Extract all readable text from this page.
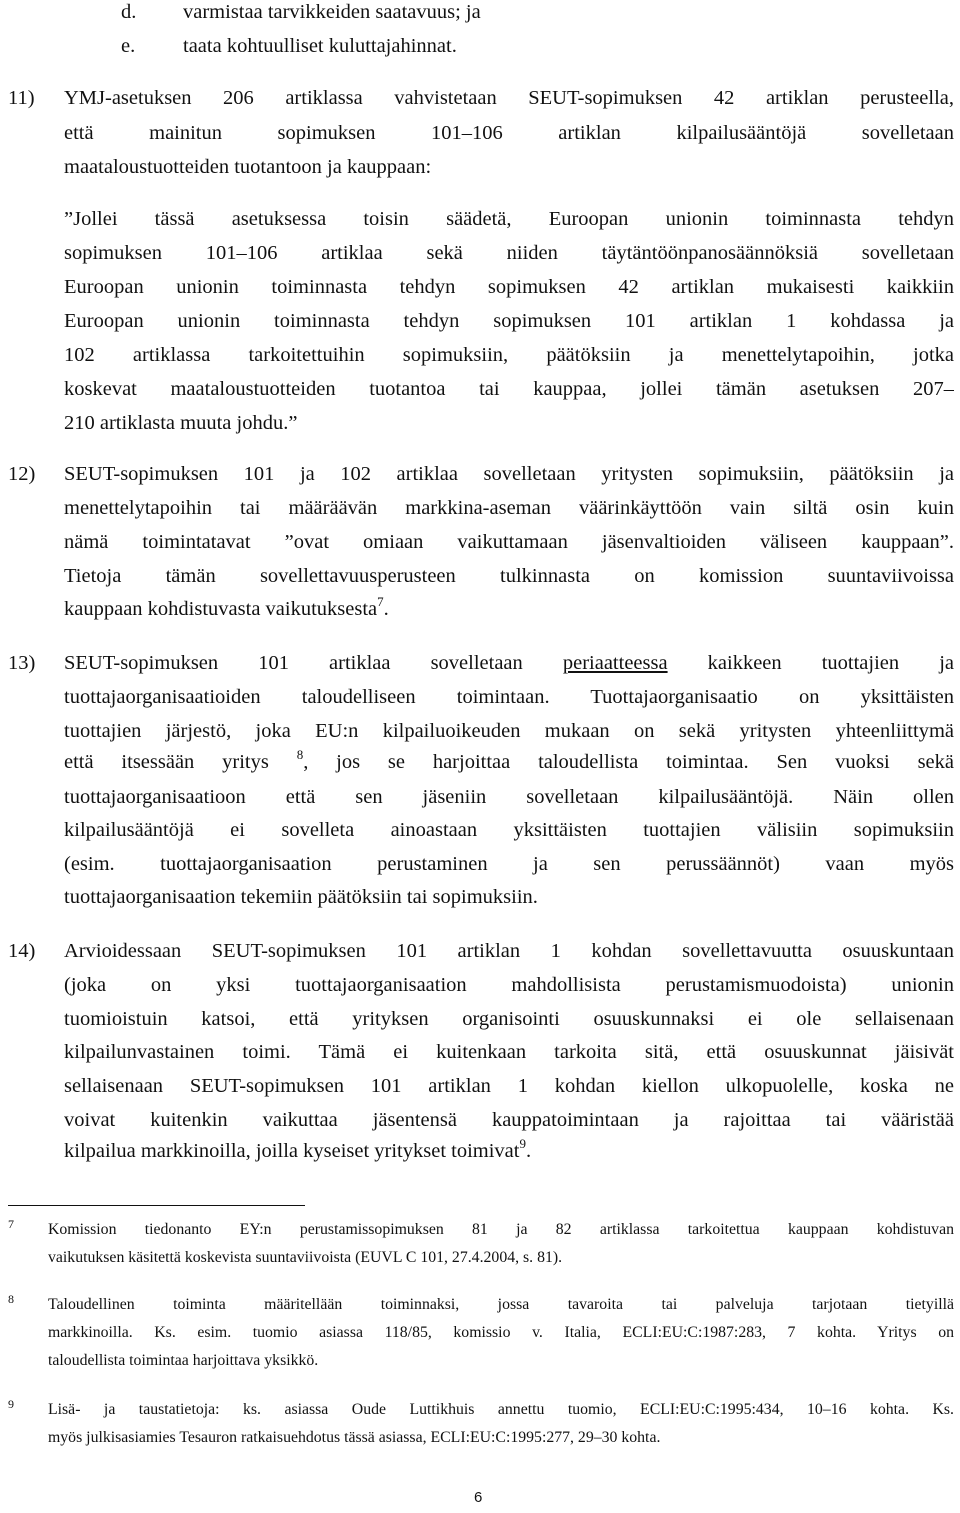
d. varmistaa tarvikkeiden saatavuus; ja
e. taata kohtuulliset kuluttajahinnat.
11) YMJ-asetuksen 206 artiklassa vahvistetaan SEUT-sopimuksen 42 artiklan perusteella,
että mainitun sopimuksen 101–106 artiklan kilpailusääntöjä sovelletaan
maataloustuotteiden tuotantoon ja kauppaan:
”Jollei tässä asetuksessa toisin säädetä, Euroopan unionin toiminnasta tehdyn
sopimuksen 101–106 artiklaa sekä niiden täytäntöönpanosäännöksiä sovelletaan
Euroopan unionin toiminnasta tehdyn sopimuksen 42 artiklan mukaisesti kaikkiin
Euroopan unionin toiminnasta tehdyn sopimuksen 101 artiklan 1 kohdassa ja
102 artiklassa tarkoitettuihin sopimuksiin, päätöksiin ja menettelytapoihin, jotka
koskevat maataloustuotteiden tuotantoa tai kauppaa, jollei tämän asetuksen 207–
210 artiklasta muuta johdu.”
12) SEUT-sopimuksen 101 ja 102 artiklaa sovelletaan yritysten sopimuksiin, päätöksiin ja
menettelytapoihin tai määräävän markkina-aseman väärinkäyttöön vain siltä osin kuin
nämä toimintatavat ”ovat omiaan vaikuttamaan jäsenvaltioiden väliseen kauppaan”.
Tietoja tämän sovellettavuusperusteen tulkinnasta on komission suuntaviivoissa
kauppaan kohdistuvasta vaikutuksesta$^7$.
13) SEUT-sopimuksen 101 artiklaa sovelletaan periaatteessa kaikkeen tuottajien ja
tuottajaorganisaatioiden taloudelliseen toimintaan. Tuottajaorganisaatio on yksittäisten
tuottajien järjestö, joka EU:n kilpailuoikeuden mukaan on sekä yritysten yhteenliittymä
että itsessään yritys $^8$, jos se harjoittaa taloudellista toimintaa. Sen vuoksi sekä
tuottajaorganisaatioon että sen jäseniin sovelletaan kilpailusääntöjä. Näin ollen
kilpailusääntöjä ei sovelleta ainoastaan yksittäisten tuottajien välisiin sopimuksiin
(esim. tuottajaorganisaation perustaminen ja sen perussäännöt) vaan myös
tuottajaorganisaation tekemiin päätöksiin tai sopimuksiin.
14) Arvioidessaan SEUT-sopimuksen 101 artiklan 1 kohdan sovellettavuutta osuuskuntaan
(joka on yksi tuottajaorganisaation mahdollisista perustamismuodoista) unionin
tuomioistuin katsoi, että yrityksen organisointi osuuskunnaksi ei ole sellaisenaan
kilpailunvastainen toimi. Tämä ei kuitenkaan tarkoita sitä, että osuuskunnat jäisivät
sellaisenaan SEUT-sopimuksen 101 artiklan 1 kohdan kiellon ulkopuolelle, koska ne
voivat kuitenkin vaikuttaa jäsentensä kauppatoimintaan ja rajoittaa tai vääristää
kilpailua markkinoilla, joilla kyseiset yritykset toimivat$^9$.
7 Komission tiedonanto EY:n perustamissopimuksen 81 ja 82 artiklassa tarkoitettua kauppaan kohdistuvan
vaikutuksen käsitettä koskevista suuntaviivoista (EUVL C 101, 27.4.2004, s. 81).
8 Taloudellinen toiminta määritellään toiminnaksi, jossa tavaroita tai palveluja tarjotaan tietyillä
markkinoilla. Ks. esim. tuomio asiassa 118/85, komissio v. Italia, ECLI:EU:C:1987:283, 7 kohta. Yritys on
taloudellista toimintaa harjoittava yksikkö.
9 Lisä- ja taustatietoja: ks. asiassa Oude Luttikhuis annettu tuomio, ECLI:EU:C:1995:434, 10–16 kohta. Ks.
myös julkisasiamies Tesauron ratkaisuehdotus tässä asiassa, ECLI:EU:C:1995:277, 29–30 kohta.
6
